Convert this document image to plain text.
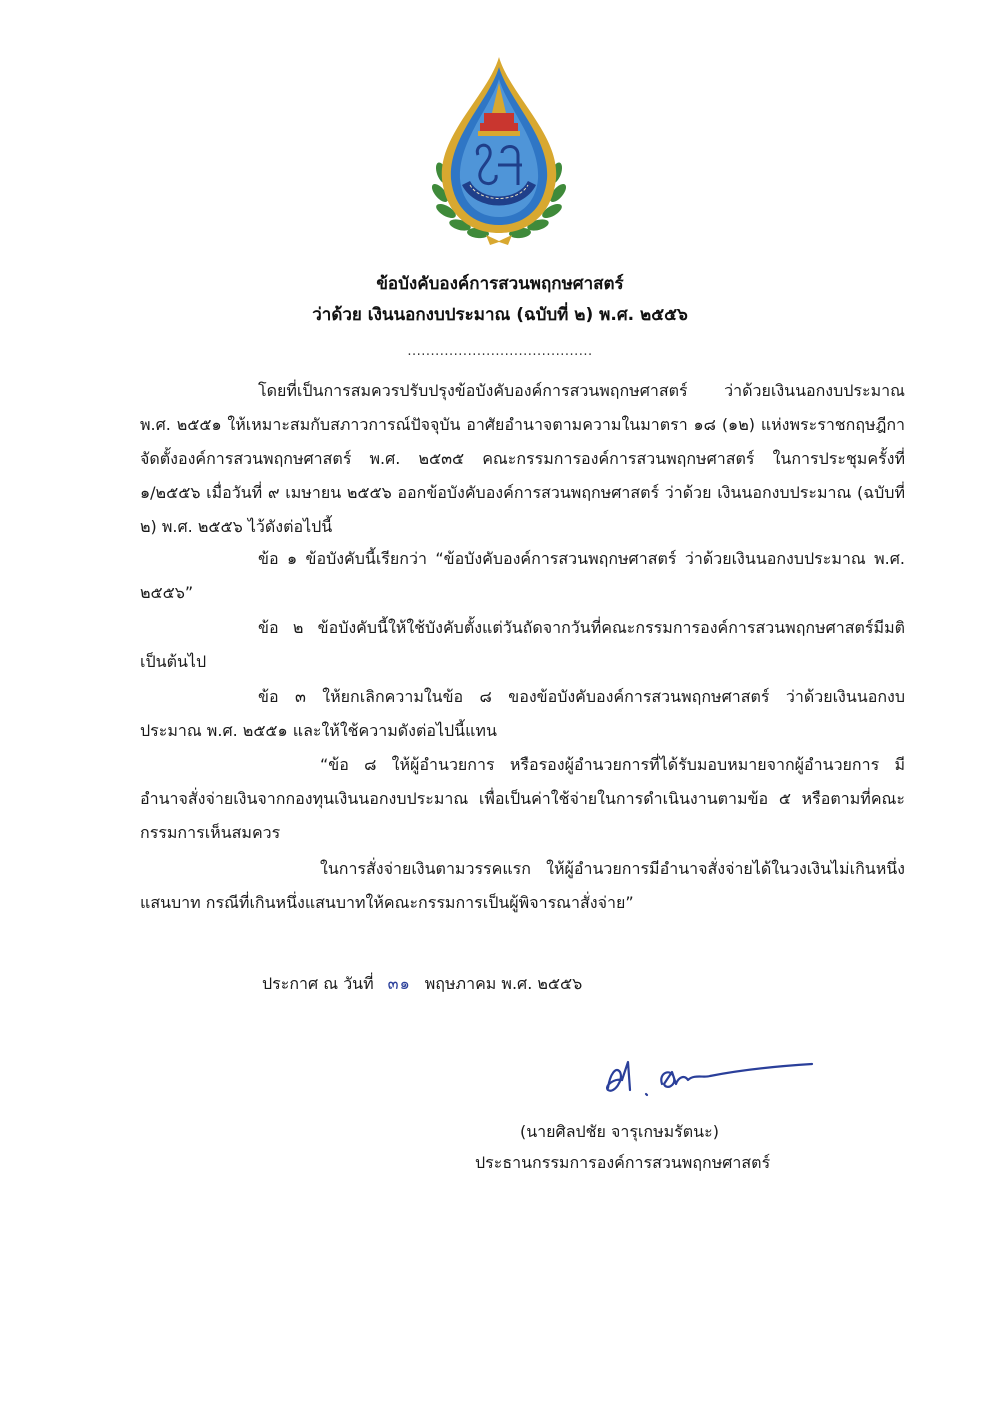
ข้อบังคับองค์การสวนพฤกษศาสตร์
ว่าด้วย เงินนอกงบประมาณ (ฉบับที่ ๒) พ.ศ. ๒๕๕๖
........................................
โดยที่เป็นการสมควรปรับปรุงข้อบังคับองค์การสวนพฤกษศาสตร์ ว่าด้วยเงินนอกงบประมาณ พ.ศ. ๒๕๕๑ ให้เหมาะสมกับสภาวการณ์ปัจจุบัน อาศัยอำนาจตามความในมาตรา ๑๘ (๑๒) แห่งพระราชกฤษฎีกาจัดตั้งองค์การสวนพฤกษศาสตร์ พ.ศ. ๒๕๓๕ คณะกรรมการองค์การสวนพฤกษศาสตร์ ในการประชุมครั้งที่ ๑/๒๕๕๖ เมื่อวันที่ ๙ เมษายน ๒๕๕๖ ออกข้อบังคับองค์การสวนพฤกษศาสตร์ ว่าด้วย เงินนอกงบประมาณ (ฉบับที่ ๒) พ.ศ. ๒๕๕๖ ไว้ดังต่อไปนี้
ข้อ ๑ ข้อบังคับนี้เรียกว่า “ข้อบังคับองค์การสวนพฤกษศาสตร์ ว่าด้วยเงินนอกงบประมาณ พ.ศ. ๒๕๕๖”
ข้อ ๒ ข้อบังคับนี้ให้ใช้บังคับตั้งแต่วันถัดจากวันที่คณะกรรมการองค์การสวนพฤกษศาสตร์มีมติเป็นต้นไป
ข้อ ๓ ให้ยกเลิกความในข้อ ๘ ของข้อบังคับองค์การสวนพฤกษศาสตร์ ว่าด้วยเงินนอกงบประมาณ พ.ศ. ๒๕๕๑ และให้ใช้ความดังต่อไปนี้แทน
“ข้อ ๘ ให้ผู้อำนวยการ หรือรองผู้อำนวยการที่ได้รับมอบหมายจากผู้อำนวยการ มีอำนาจสั่งจ่ายเงินจากกองทุนเงินนอกงบประมาณ เพื่อเป็นค่าใช้จ่ายในการดำเนินงานตามข้อ ๕ หรือตามที่คณะกรรมการเห็นสมควร
ในการสั่งจ่ายเงินตามวรรคแรก ให้ผู้อำนวยการมีอำนาจสั่งจ่ายได้ในวงเงินไม่เกินหนึ่งแสนบาท กรณีที่เกินหนึ่งแสนบาทให้คณะกรรมการเป็นผู้พิจารณาสั่งจ่าย”
ประกาศ ณ วันที่ ๓๑ พฤษภาคม พ.ศ. ๒๕๕๖
(นายศิลปชัย จารุเกษมรัตนะ)
ประธานกรรมการองค์การสวนพฤกษศาสตร์
